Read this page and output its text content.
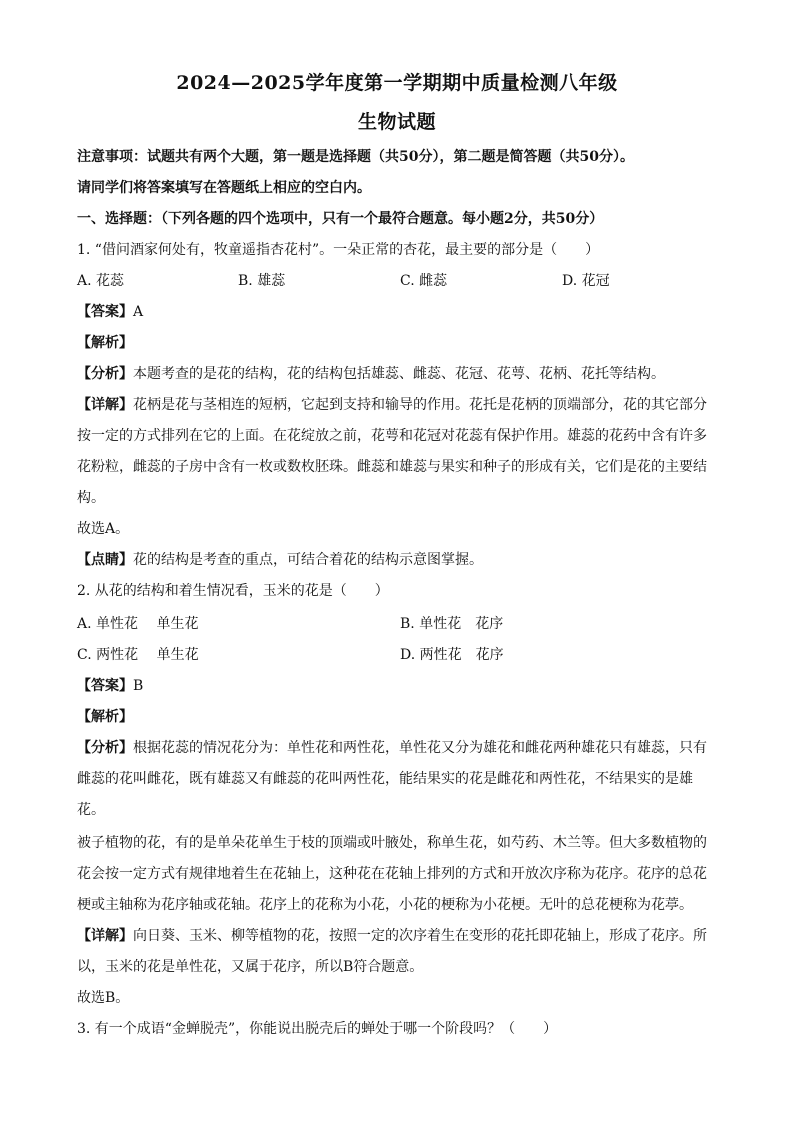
2024—2025学年度第一学期期中质量检测八年级
生物试题
注意事项：试题共有两个大题，第一题是选择题（共50分），第二题是简答题（共50分）。
请同学们将答案填写在答题纸上相应的空白内。
一、选择题：（下列各题的四个选项中，只有一个最符合题意。每小题2分，共50分）
1. “借问酒家何处有，牧童遥指杏花村”。一朵正常的杏花，最主要的部分是（　　）
A. 花蕊	B. 雄蕊	C. 雌蕊	D. 花冠
【答案】A
【解析】
【分析】本题考查的是花的结构，花的结构包括雄蕊、雌蕊、花冠、花萼、花柄、花托等结构。
【详解】花柄是花与茎相连的短柄，它起到支持和输导的作用。花托是花柄的顶端部分，花的其它部分
按一定的方式排列在它的上面。在花绽放之前，花萼和花冠对花蕊有保护作用。雄蕊的花药中含有许多
花粉粒，雌蕊的子房中含有一枚或数枚胚珠。雌蕊和雄蕊与果实和种子的形成有关，它们是花的主要结
构。
故选A。
【点睛】花的结构是考查的重点，可结合着花的结构示意图掌握。
2. 从花的结构和着生情况看，玉米的花是（　　）
A. 单性花　 单生花	B. 单性花　花序
C. 两性花　 单生花	D. 两性花　花序
【答案】B
【解析】
【分析】根据花蕊的情况花分为：单性花和两性花，单性花又分为雄花和雌花两种雄花只有雄蕊，只有
雌蕊的花叫雌花，既有雄蕊又有雌蕊的花叫两性花，能结果实的花是雌花和两性花，不结果实的是雄
花。
被子植物的花，有的是单朵花单生于枝的顶端或叶腋处，称单生花，如芍药、木兰等。但大多数植物的
花会按一定方式有规律地着生在花轴上，这种花在花轴上排列的方式和开放次序称为花序。花序的总花
梗或主轴称为花序轴或花轴。花序上的花称为小花，小花的梗称为小花梗。无叶的总花梗称为花葶。
【详解】向日葵、玉米、柳等植物的花，按照一定的次序着生在变形的花托即花轴上，形成了花序。所
以，玉米的花是单性花，又属于花序，所以B符合题意。
故选B。
3. 有一个成语“金蝉脱壳”，你能说出脱壳后的蝉处于哪一个阶段吗？（　　）
